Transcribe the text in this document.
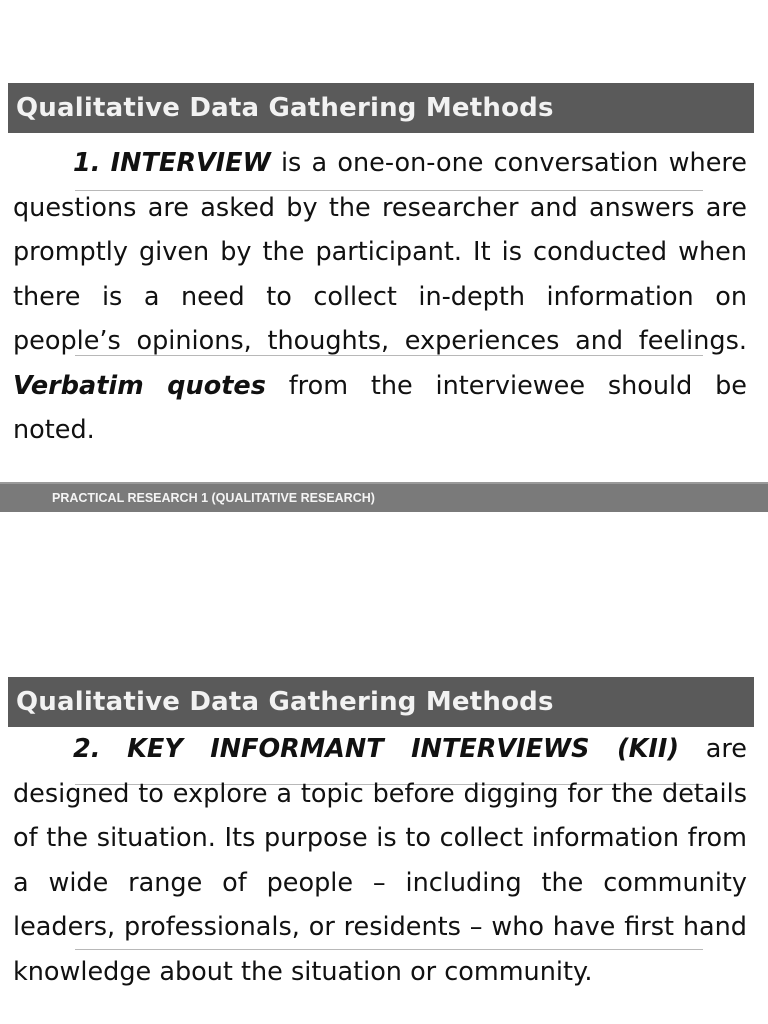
Qualitative Data Gathering Methods

1. INTERVIEW is a one-on-one conversation where questions are asked by the researcher and answers are promptly given by the participant. It is conducted when there is a need to collect in-depth information on people’s opinions, thoughts, experiences and feelings. Verbatim quotes from the interviewee should be noted.

PRACTICAL RESEARCH 1 (QUALITATIVE RESEARCH)
Qualitative Data Gathering Methods

2. KEY INFORMANT INTERVIEWS (KII) are designed to explore a topic before digging for the details of the situation. Its purpose is to collect information from a wide range of people – including the community leaders, professionals, or residents – who have first hand knowledge about the situation or community.
